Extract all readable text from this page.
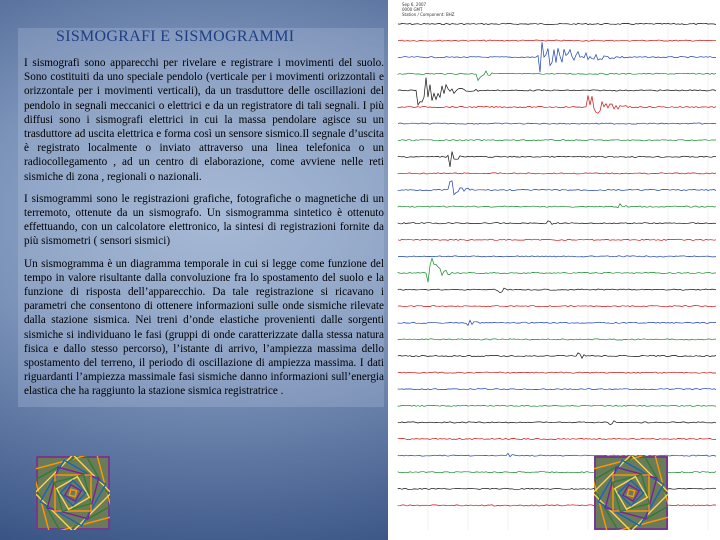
SISMOGRAFI E SISMOGRAMMI

I sismografi sono apparecchi per rivelare e registrare i movimenti del suolo. Sono costituiti da uno speciale pendolo (verticale per i movimenti orizzontali e orizzontale per i movimenti verticali), da un trasduttore delle oscillazioni del pendolo in segnali meccanici o elettrici e da un registratore di tali segnali. I più diffusi sono i sismografi elettrici in cui la massa pendolare agisce su un trasduttore ad uscita elettrica e forma così un sensore sismico.Il segnale d’uscita è registrato localmente o inviato attraverso una linea telefonica o un radiocollegamento , ad un centro di elaborazione, come avviene nelle reti sismiche di zona , regionali o nazionali.

I sismogrammi sono le registrazioni grafiche, fotografiche o magnetiche di un terremoto, ottenute da un sismografo. Un sismogramma sintetico è ottenuto effettuando, con un calcolatore elettronico, la sintesi di registrazioni fornite da più sismometri ( sensori sismici)

Un sismogramma è un diagramma temporale in cui si legge come funzione del tempo in valore risultante dalla convoluzione fra lo spostamento del suolo e la funzione di risposta dell’apparecchio. Da tale registrazione si ricavano i parametri che consentono di ottenere informazioni sulle onde sismiche rilevate dalla stazione sismica. Nei treni d’onde elastiche provenienti dalle sorgenti sismiche si individuano le fasi (gruppi di onde caratterizzate dalla stessa natura fisica e dallo stesso percorso), l’istante di arrivo, l’ampiezza massima dello spostamento del terreno, il periodo di oscillazione di ampiezza massima. I dati riguardanti l’ampiezza massimale fasi sismiche danno informazioni sull’energia elastica che ha raggiunto la stazione sismica registratrice .

Sep 6, 2007
0000 GMT
Station / Component: BHZ
